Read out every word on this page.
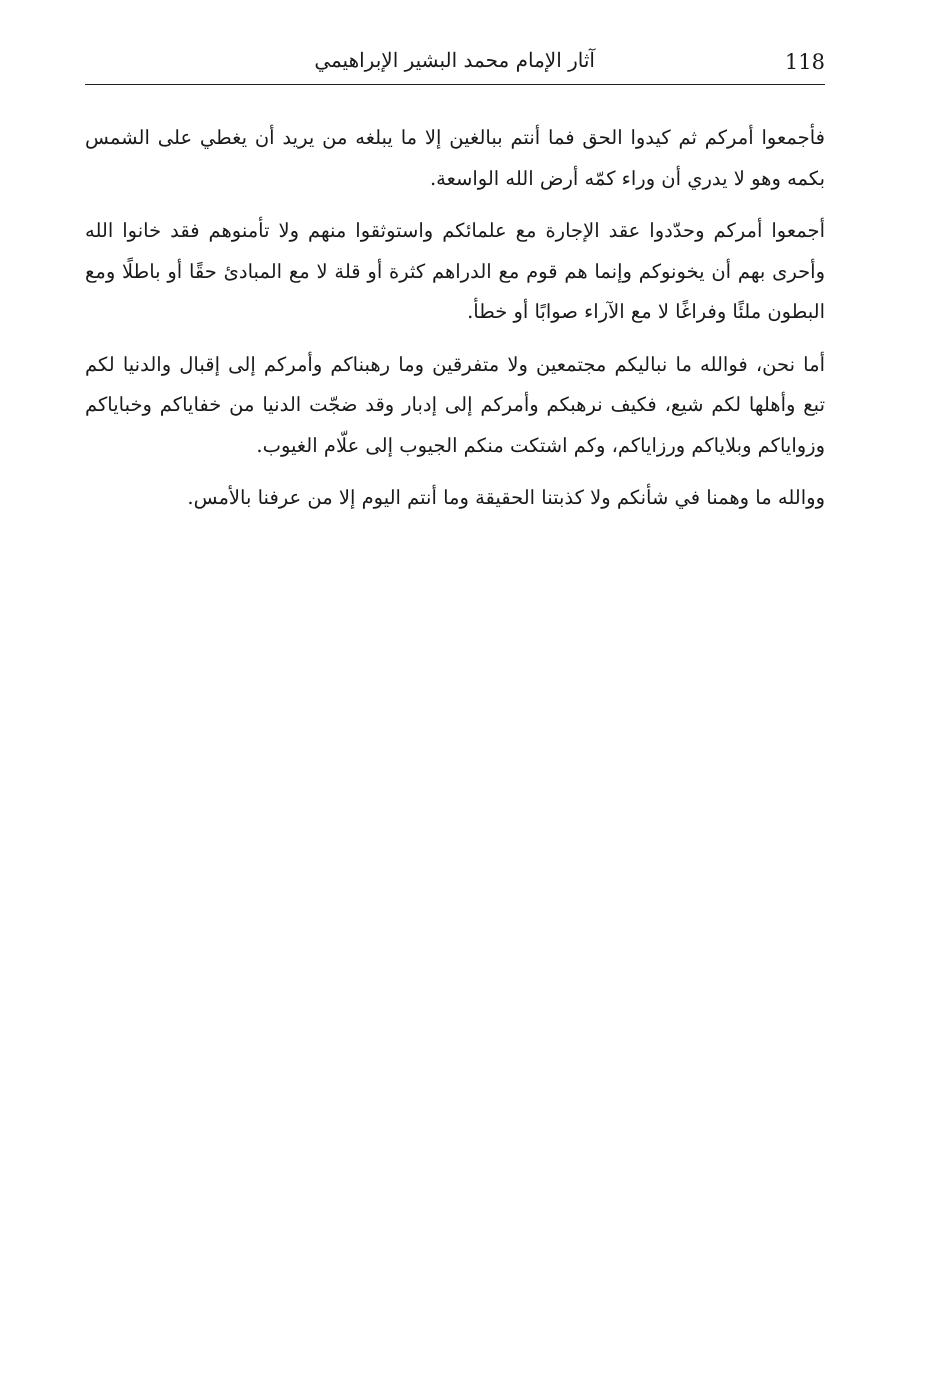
118
آثار الإمام محمد البشير الإبراهيمي

فأجمعوا أمركم ثم كيدوا الحق فما أنتم ببالغين إلا ما يبلغه من يريد أن يغطي على الشمس بكمه وهو لا يدري أن وراء كمّه أرض الله الواسعة.

أجمعوا أمركم وحدّدوا عقد الإجارة مع علمائكم واستوثقوا منهم ولا تأمنوهم فقد خانوا الله وأحرى بهم أن يخونوكم وإنما هم قوم مع الدراهم كثرة أو قلة لا مع المبادئ حقًا أو باطلًا ومع البطون ملئًا وفراغًا لا مع الآراء صوابًا أو خطأ.

أما نحن، فوالله ما نباليكم مجتمعين ولا متفرقين وما رهبناكم وأمركم إلى إقبال والدنيا لكم تبع وأهلها لكم شيع، فكيف نرهبكم وأمركم إلى إدبار وقد ضجّت الدنيا من خفاياكم وخباياكم وزواياكم وبلاياكم ورزاياكم، وكم اشتكت منكم الجيوب إلى علّام الغيوب.

ووالله ما وهمنا في شأنكم ولا كذبتنا الحقيقة وما أنتم اليوم إلا من عرفنا بالأمس.
